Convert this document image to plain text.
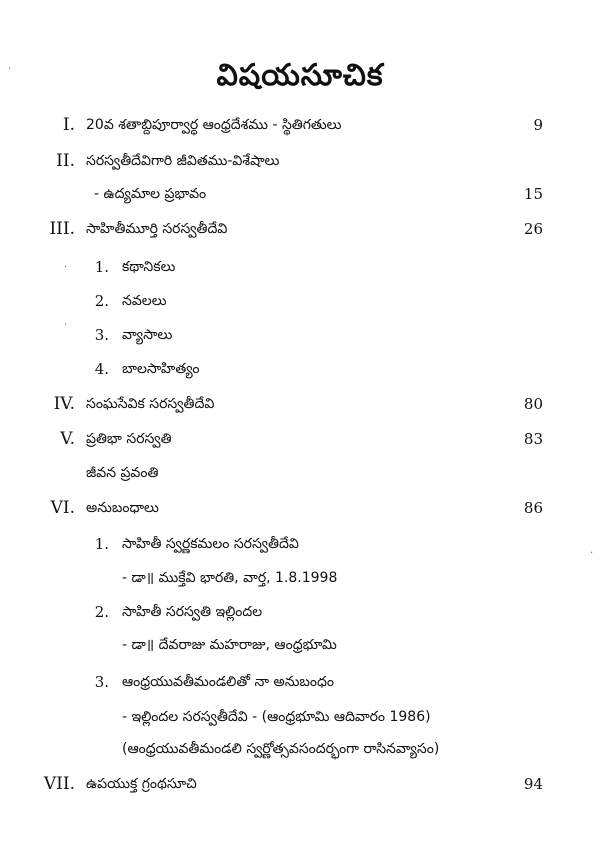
విషయసూచిక
I. 20వ శతాబ్దిపూర్వార్ధ ఆంధ్రదేశము - స్థితిగతులు	9
II. సరస్వతీదేవిగారి జీవితము-విశేషాలు
- ఉద్యమాల ప్రభావం	15
III. సాహితీమూర్తి సరస్వతీదేవి	26
1. కథానికలు
2. నవలలు
3. వ్యాసాలు
4. బాలసాహిత్యం
IV. సంఘసేవిక సరస్వతీదేవి	80
V. ప్రతిభా సరస్వతి	83
జీవన ప్రవంతి
VI. అనుబంధాలు	86
1. సాహితీ స్వర్ణకమలం సరస్వతీదేవి
- డా॥ ముక్తేవి భారతి, వార్త, 1.8.1998
2. సాహితీ సరస్వతి ఇల్లిందల
- డా॥ దేవరాజు మహరాజు, ఆంధ్రభూమి
3. ఆంధ్రయువతీమండలితో నా అనుబంధం
- ఇల్లిందల సరస్వతీదేవి - (ఆంధ్రభూమి ఆదివారం 1986)
(ఆంధ్రయువతీమండలి స్వర్ణోత్సవసందర్భంగా రాసినవ్యాసం)
VII. ఉపయుక్త గ్రంథసూచి	94
·
·
·
·
